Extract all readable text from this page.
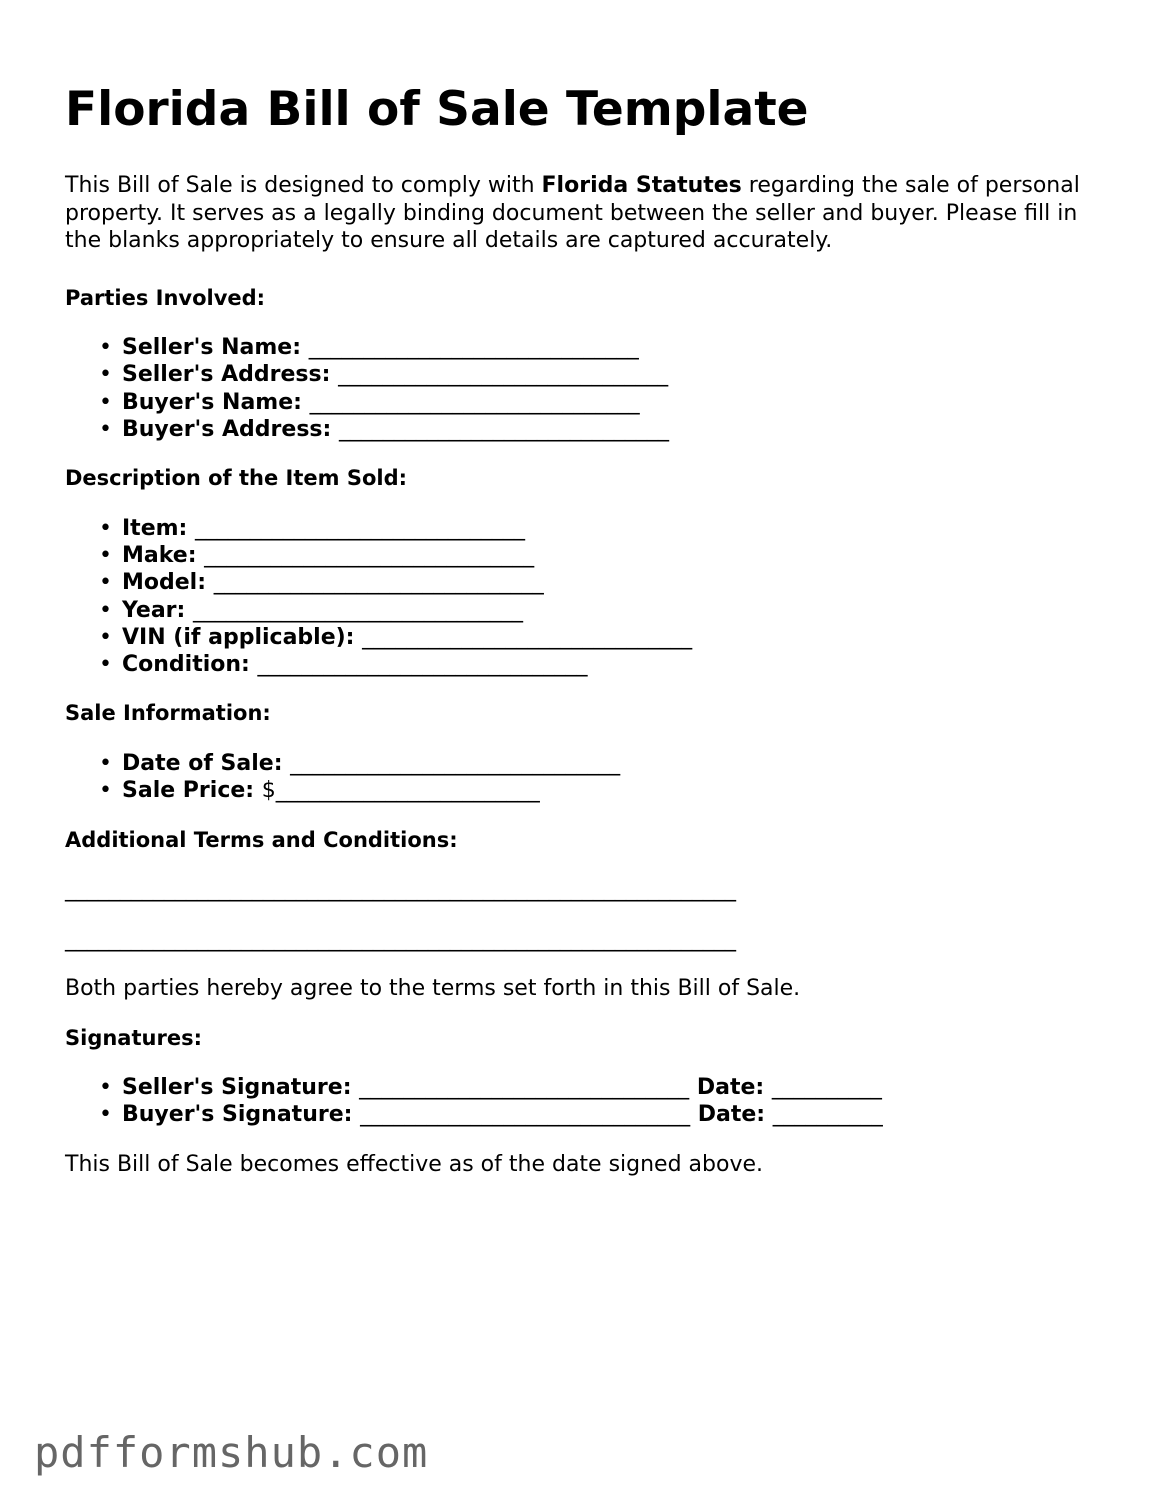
Florida Bill of Sale Template

This Bill of Sale is designed to comply with Florida Statutes regarding the sale of personal property. It serves as a legally binding document between the seller and buyer. Please fill in the blanks appropriately to ensure all details are captured accurately.

Parties Involved:
• Seller's Name: ______________________________
• Seller's Address: ______________________________
• Buyer's Name: ______________________________
• Buyer's Address: ______________________________
Description of the Item Sold:
• Item: ______________________________
• Make: ______________________________
• Model: ______________________________
• Year: ______________________________
• VIN (if applicable): ______________________________
• Condition: ______________________________
Sale Information:
• Date of Sale: ______________________________
• Sale Price: $________________________
Additional Terms and Conditions:
_____________________________________________________________
_____________________________________________________________

Both parties hereby agree to the terms set forth in this Bill of Sale.

Signatures:
• Seller's Signature: ______________________________ Date: __________
• Buyer's Signature: ______________________________ Date: __________

This Bill of Sale becomes effective as of the date signed above.

pdfformshub.com
